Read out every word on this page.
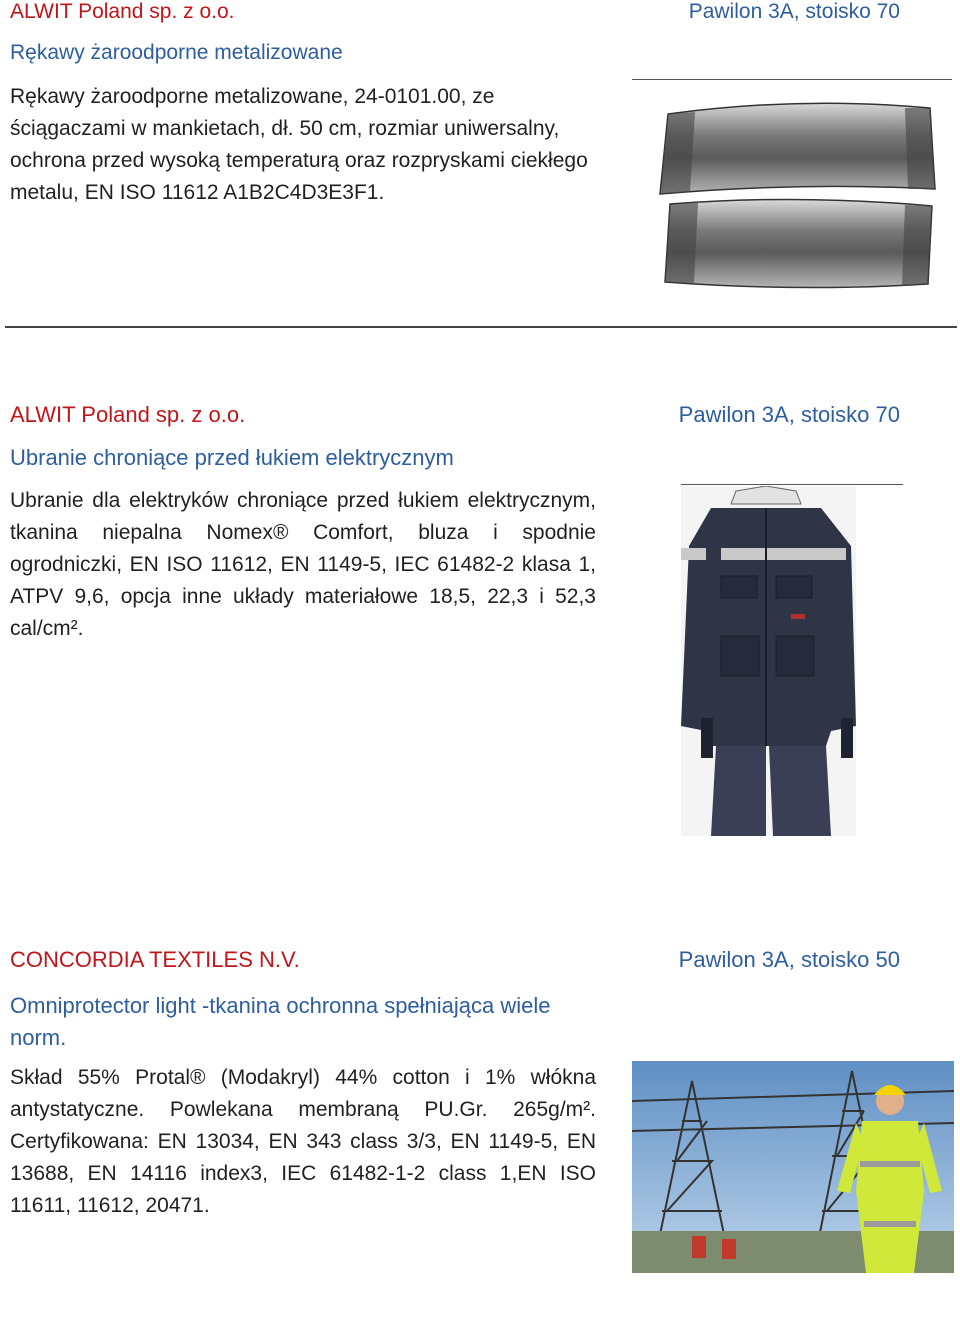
ALWIT Poland sp. z o.o.	Pawilon 3A, stoisko 70
Rękawy żaroodporne metalizowane
Rękawy żaroodporne metalizowane, 24-0101.00, ze ściągaczami w mankietach, dł. 50 cm, rozmiar uniwersalny, ochrona przed wysoką temperaturą oraz rozpryskami ciekłego metalu, EN ISO 11612 A1B2C4D3E3F1.
ALWIT Poland sp. z o.o.	Pawilon 3A, stoisko 70
Ubranie chroniące przed łukiem elektrycznym
Ubranie dla elektryków chroniące przed łukiem elektrycznym, tkanina niepalna Nomex® Comfort, bluza i spodnie ogrodniczki, EN ISO 11612, EN 1149-5, IEC 61482-2 klasa 1, ATPV 9,6, opcja inne układy materiałowe 18,5, 22,3 i 52,3 cal/cm².
CONCORDIA TEXTILES N.V.	Pawilon 3A, stoisko 50
Omniprotector light -tkanina ochronna spełniająca wiele norm.
Skład 55% Protal® (Modakryl) 44% cotton i 1% włókna antystatyczne. Powlekana membraną PU.Gr. 265g/m². Certyfikowana: EN 13034, EN 343 class 3/3, EN 1149-5, EN 13688, EN 14116 index3, IEC 61482-1-2 class 1,EN ISO 11611, 11612, 20471.
